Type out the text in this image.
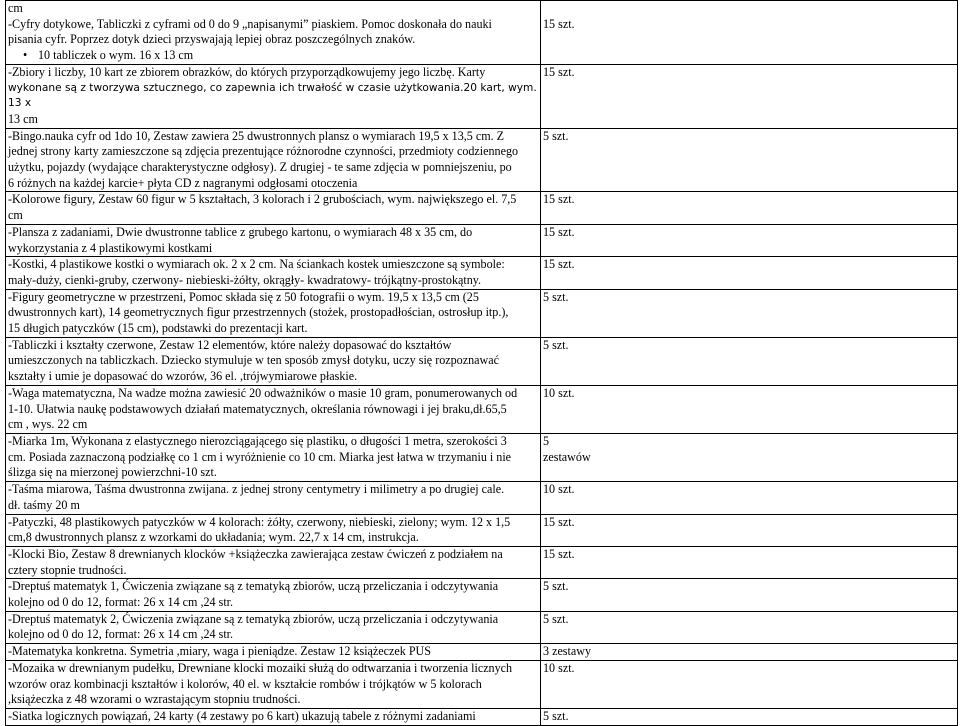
cm
-Cyfry dotykowe, Tabliczki z cyframi od 0 do 9 „napisanymi” piaskiem. Pomoc doskonała do nauki
pisania cyfr. Poprzez dotyk dzieci przyswajają lepiej obraz poszczególnych znaków.
• 10 tabliczek o wym. 16 x 13 cm	15 szt.

-Zbiory i liczby, 10 kart ze zbiorem obrazków, do których przyporządkowujemy jego liczbę. Karty
wykonane są z tworzywa sztucznego, co zapewnia ich trwałość w czasie użytkowania.20 kart, wym. 13 x
13 cm	15 szt.

-Bingo.nauka cyfr od 1do 10, Zestaw zawiera 25 dwustronnych plansz o wymiarach 19,5 x 13,5 cm. Z
jednej strony karty zamieszczone są zdjęcia prezentujące różnorodne czynności, przedmioty codziennego
użytku, pojazdy (wydające charakterystyczne odgłosy). Z drugiej - te same zdjęcia w pomniejszeniu, po
6 różnych na każdej karcie+ płyta CD z nagranymi odgłosami otoczenia	5 szt.

-Kolorowe figury, Zestaw 60 figur w 5 kształtach, 3 kolorach i 2 grubościach, wym. największego el. 7,5
cm	15 szt.

-Plansza z zadaniami, Dwie dwustronne tablice z grubego kartonu, o wymiarach 48 x 35 cm, do
wykorzystania z 4 plastikowymi kostkami	15 szt.

-Kostki, 4 plastikowe kostki o wymiarach ok. 2 x 2 cm. Na ściankach kostek umieszczone są symbole:
mały-duży, cienki-gruby, czerwony- niebieski-żółty, okrągły- kwadratowy- trójkątny-prostokątny.	15 szt.

-Figury geometryczne w przestrzeni, Pomoc składa się z 50 fotografii o wym. 19,5 x 13,5 cm (25
dwustronnych kart), 14 geometrycznych figur przestrzennych (stożek, prostopadłościan, ostrosłup itp.),
15 długich patyczków (15 cm), podstawki do prezentacji kart.	5 szt.

-Tabliczki i kształty czerwone, Zestaw 12 elementów, które należy dopasować do kształtów
umieszczonych na tabliczkach. Dziecko stymuluje w ten sposób zmysł dotyku, uczy się rozpoznawać
kształty i umie je dopasować do wzorów, 36 el. ,trójwymiarowe płaskie.	5 szt.

-Waga matematyczna, Na wadze można zawiesić 20 odważników o masie 10 gram, ponumerowanych od
1-10. Ułatwia naukę podstawowych działań matematycznych, określania równowagi i jej braku,dł.65,5
cm , wys. 22 cm	10 szt.

-Miarka 1m, Wykonana z elastycznego nierozciągającego się plastiku, o długości 1 metra, szerokości 3
cm. Posiada zaznaczoną podziałkę co 1 cm i wyróżnienie co 10 cm. Miarka jest łatwa w trzymaniu i nie
ślizga się na mierzonej powierzchni-10 szt.	5
zestawów

-Taśma miarowa, Taśma dwustronna zwijana. z jednej strony centymetry i milimetry a po drugiej cale.
dł. taśmy 20 m	10 szt.

-Patyczki, 48 plastikowych patyczków w 4 kolorach: żółty, czerwony, niebieski, zielony; wym. 12 x 1,5
cm,8 dwustronnych plansz z wzorkami do układania; wym. 22,7 x 14 cm, instrukcja.	15 szt.

-Klocki Bio, Zestaw 8 drewnianych klocków +książeczka zawierająca zestaw ćwiczeń z podziałem na
cztery stopnie trudności.	15 szt.

-Dreptuś matematyk 1, Ćwiczenia związane są z tematyką zbiorów, uczą przeliczania i odczytywania
kolejno od 0 do 12, format: 26 x 14 cm ,24 str.	5 szt.

-Dreptuś matematyk 2, Ćwiczenia związane są z tematyką zbiorów, uczą przeliczania i odczytywania
kolejno od 0 do 12, format: 26 x 14 cm ,24 str.	5 szt.

-Matematyka konkretna. Symetria ,miary, waga i pieniądze. Zestaw 12 książeczek PUS	3 zestawy

-Mozaika w drewnianym pudełku, Drewniane klocki mozaiki służą do odtwarzania i tworzenia licznych
wzorów oraz kombinacji kształtów i kolorów, 40 el. w kształcie rombów i trójkątów w 5 kolorach
,książeczka z 48 wzorami o wzrastającym stopniu trudności.	10 szt.

-Siatka logicznych powiązań, 24 karty (4 zestawy po 6 kart) ukazują tabele z różnymi zadaniami	5 szt.
